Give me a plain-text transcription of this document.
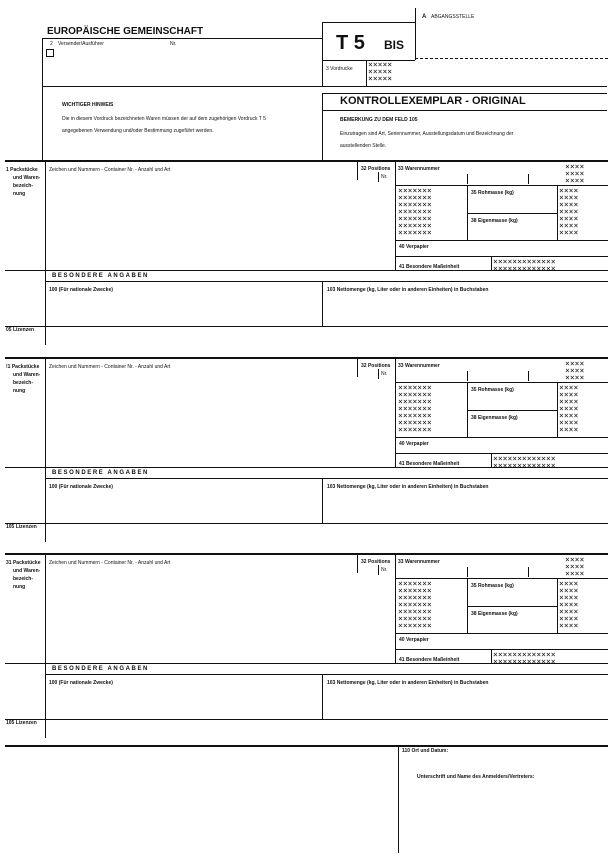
EUROPÄISCHE GEMEINSCHAFT
A ABGANGSSTELLE
2 Versender/Ausführer	Nr.	T 5 BIS
3 Vordrucke ×××××
×××××
×××××
KONTROLLEXEMPLAR - ORIGINAL
BEMERKUNG ZU DEM FELD 105
Einzutragen sind Art, Seriennummer, Ausstellungsdatum und Bezeichnung der
ausstellenden Stelle.
WICHTIGER HINWEIS
Die in diesem Vordruck bezeichneten Waren müssen der auf dem zugehörigen Vordruck T 5
angegebenen Verwendung und/oder Bestimmung zugeführt werden.
1 Packstücke
und Waren-
bezeich-
nung
Zeichen und Nummern - Container Nr. - Anzahl und Art	32 Positions
Nr.
33 Warennummer	××××
××××
××××
×××××××
×××××××
×××××××
×××××××
×××××××
×××××××
×××××××
35 Rohmasse (kg)
38 Eigenmasse (kg)
××××
××××
××××
××××
××××
××××
××××
40 Verpapier
41 Besondere Maßeinheit
×××××××××××××
×××××××××××××
BESONDERE ANGABEN
100 (Für nationale Zwecke)	103 Nettomenge (kg, Liter oder in anderen Einheiten) in Buchstaben
05 Lizenzen
!1 Packstücke
und Waren-
bezeich-
nung
Zeichen und Nummern - Container Nr. - Anzahl und Art	32 Positions
Nr.
33 Warennummer	××××
××××
××××
×××××××
×××××××
×××××××
×××××××
×××××××
×××××××
×××××××
35 Rohmasse (kg)
38 Eigenmasse (kg)
××××
××××
××××
××××
××××
××××
××××
40 Verpapier
41 Besondere Maßeinheit
×××××××××××××
×××××××××××××
BESONDERE ANGABEN
100 (Für nationale Zwecke)	103 Nettomenge (kg, Liter oder in anderen Einheiten) in Buchstaben
105 Lizenzen
31 Packstücke
und Waren-
bezeich-
nung
Zeichen und Nummern - Container Nr. - Anzahl und Art	32 Positions
Nr.
33 Warennummer	××××
××××
××××
×××××××
×××××××
×××××××
×××××××
×××××××
×××××××
×××××××
35 Rohmasse (kg)
38 Eigenmasse (kg)
××××
××××
××××
××××
××××
××××
××××
40 Verpapier
41 Besondere Maßeinheit
×××××××××××××
×××××××××××××
BESONDERE ANGABEN
100 (Für nationale Zwecke)	103 Nettomenge (kg, Liter oder in anderen Einheiten) in Buchstaben
105 Lizenzen
110 Ort und Datum:
Unterschrift und Name des Anmelders/Vertreters:
